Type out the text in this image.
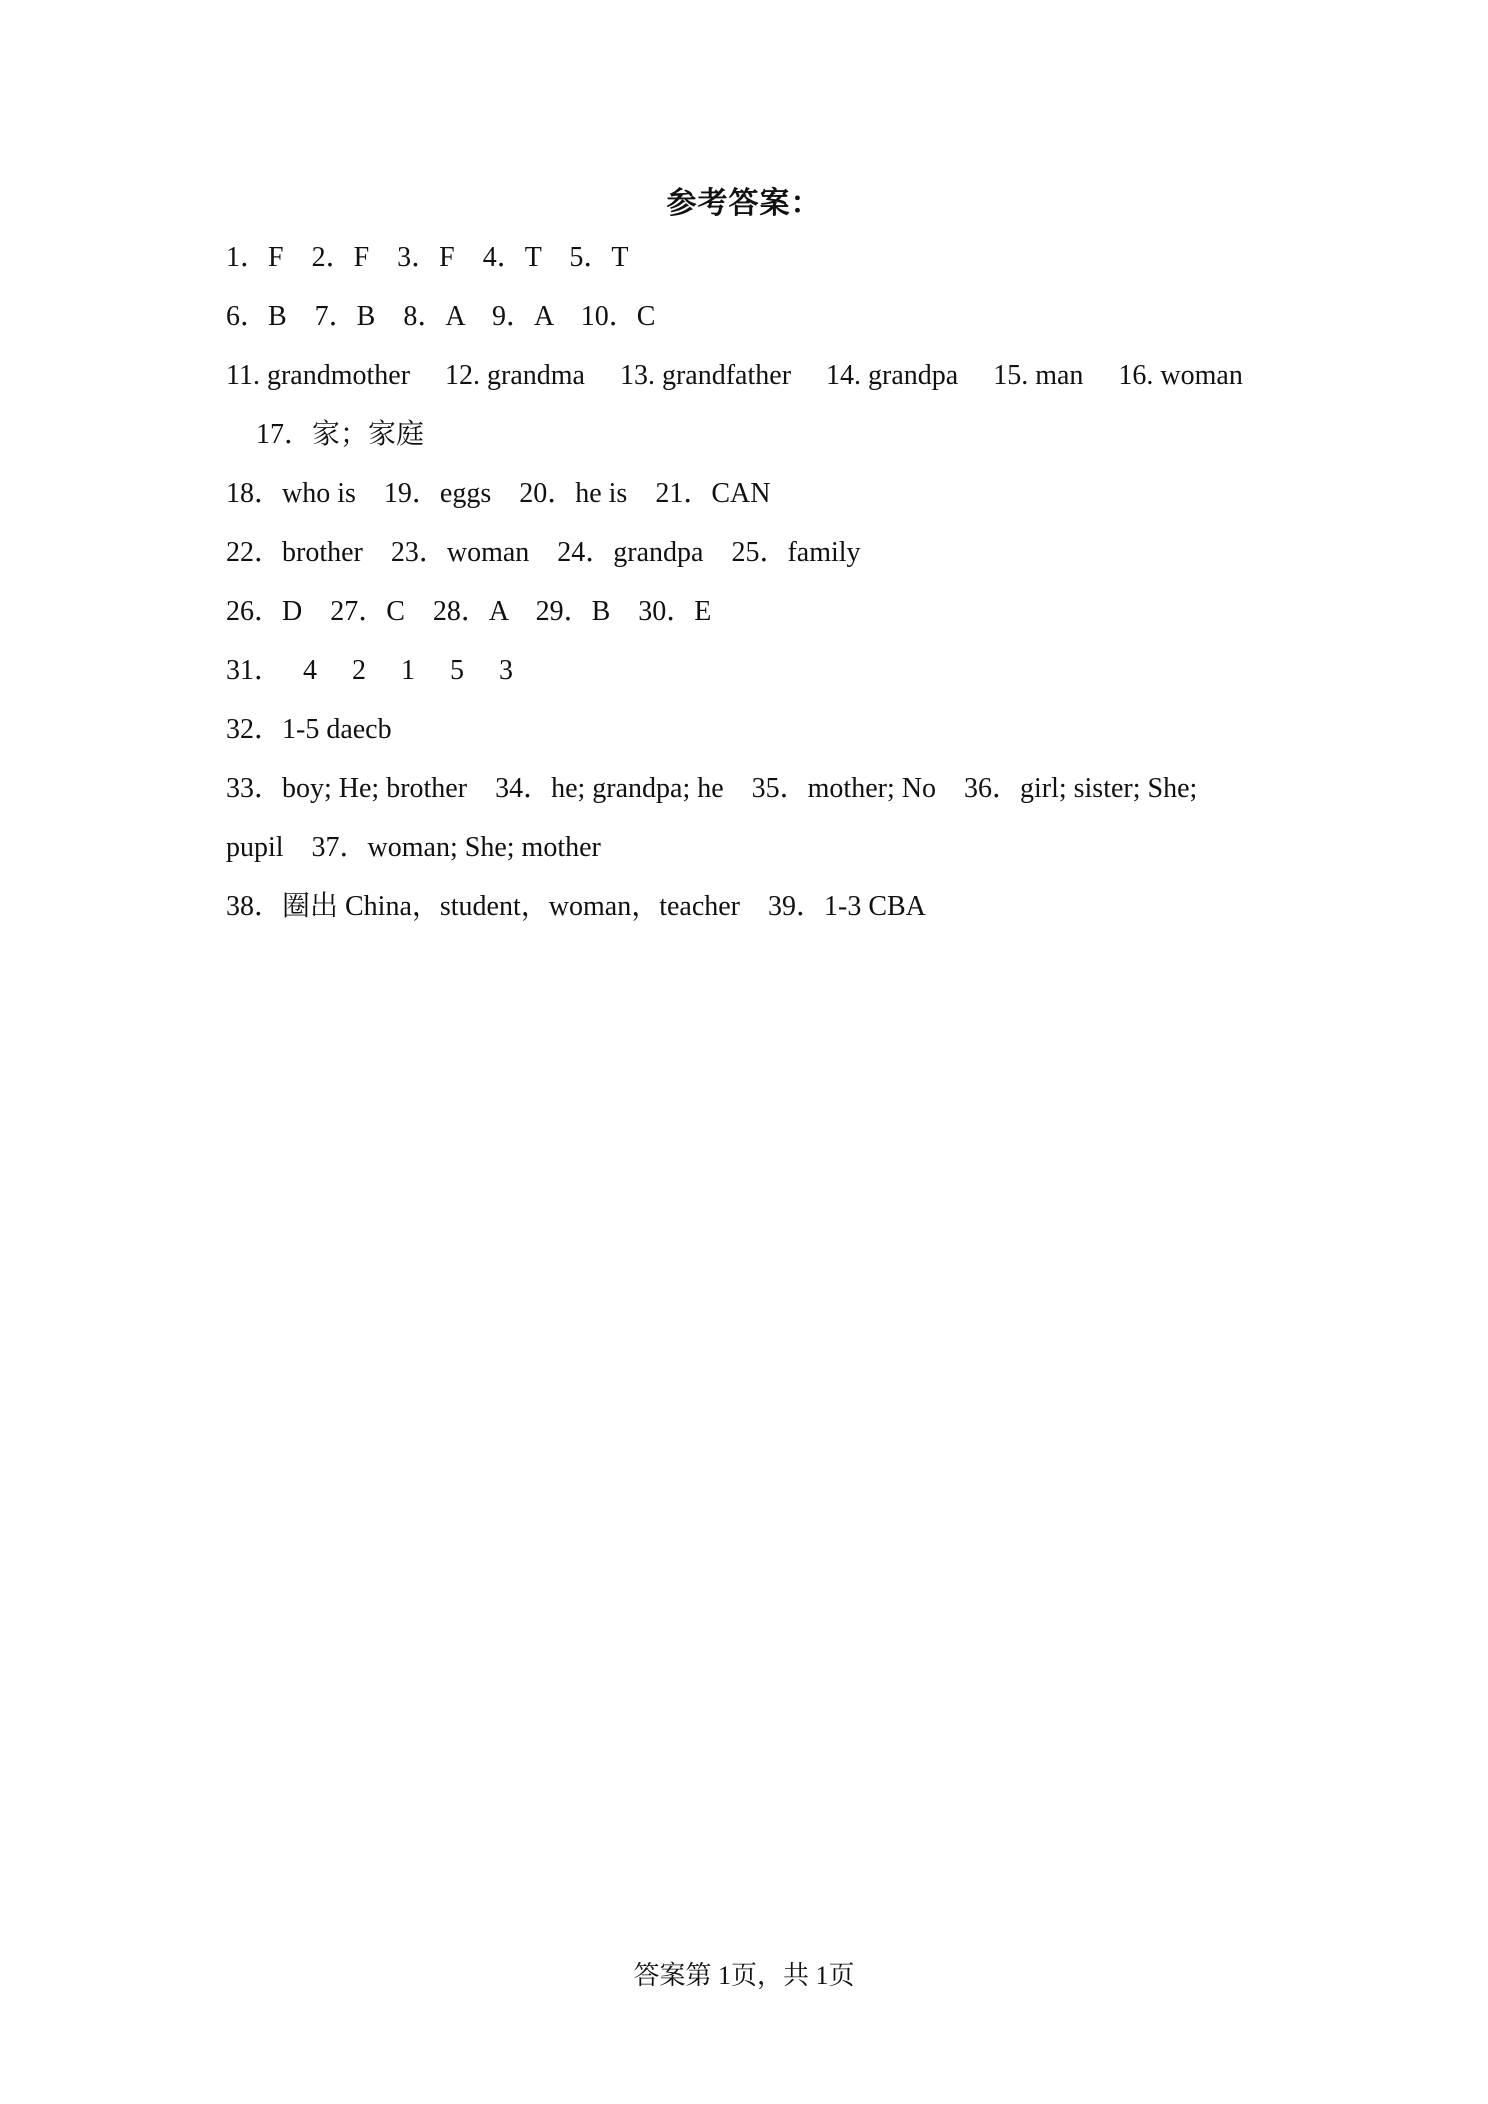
参考答案：
1．F　2．F　3．F　4．T　5．T
6．B　7．B　8．A　9．A　10．C
11. grandmother　 12. grandma　 13. grandfather　 14. grandpa　 15. man　 16. woman
17．家；家庭
18．who is　19．eggs　20．he is　21．CAN
22．brother　23．woman　24．grandpa　25．family
26．D　27．C　28．A　29．B　30．E
31．　 4　 2　 1　 5　 3
32．1-5 daecb
33．boy; He; brother　34．he; grandpa; he　35．mother; No　36．girl; sister; She;
pupil　37．woman; She; mother
38．圈出 China，student，woman，teacher　39．1-3 CBA
答案第 1页，共 1页
